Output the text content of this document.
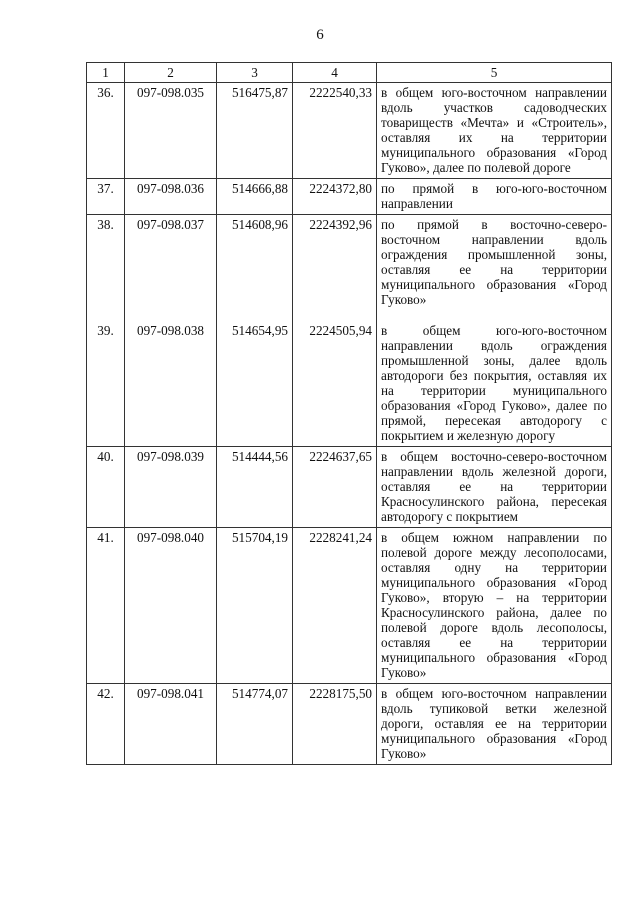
6
1	2	3	4	5
36.	097-098.035	516475,87	2222540,33	в общем юго-восточном направлении вдоль участков садоводческих товариществ «Мечта» и «Строитель», оставляя их на территории муниципального образования «Город Гуково», далее по полевой дороге
37.	097-098.036	514666,88	2224372,80	по прямой в юго-юго-восточном направлении
38.	097-098.037	514608,96	2224392,96	по прямой в восточно-северо-восточном направлении вдоль ограждения промышленной зоны, оставляя ее на территории муниципального образования «Город Гуково»
39.	097-098.038	514654,95	2224505,94	в общем юго-юго-восточном направлении вдоль ограждения промышленной зоны, далее вдоль автодороги без покрытия, оставляя их на территории муниципального образования «Город Гуково», далее по прямой, пересекая автодорогу с покрытием и железную дорогу
40.	097-098.039	514444,56	2224637,65	в общем восточно-северо-восточном направлении вдоль железной дороги, оставляя ее на территории Красносулинского района, пересекая автодорогу с покрытием
41.	097-098.040	515704,19	2228241,24	в общем южном направлении по полевой дороге между лесополосами, оставляя одну на территории муниципального образования «Город Гуково», вторую – на территории Красносулинского района, далее по полевой дороге вдоль лесополосы, оставляя ее на территории муниципального образования «Город Гуково»
42.	097-098.041	514774,07	2228175,50	в общем юго-восточном направлении вдоль тупиковой ветки железной дороги, оставляя ее на территории муниципального образования «Город Гуково»
